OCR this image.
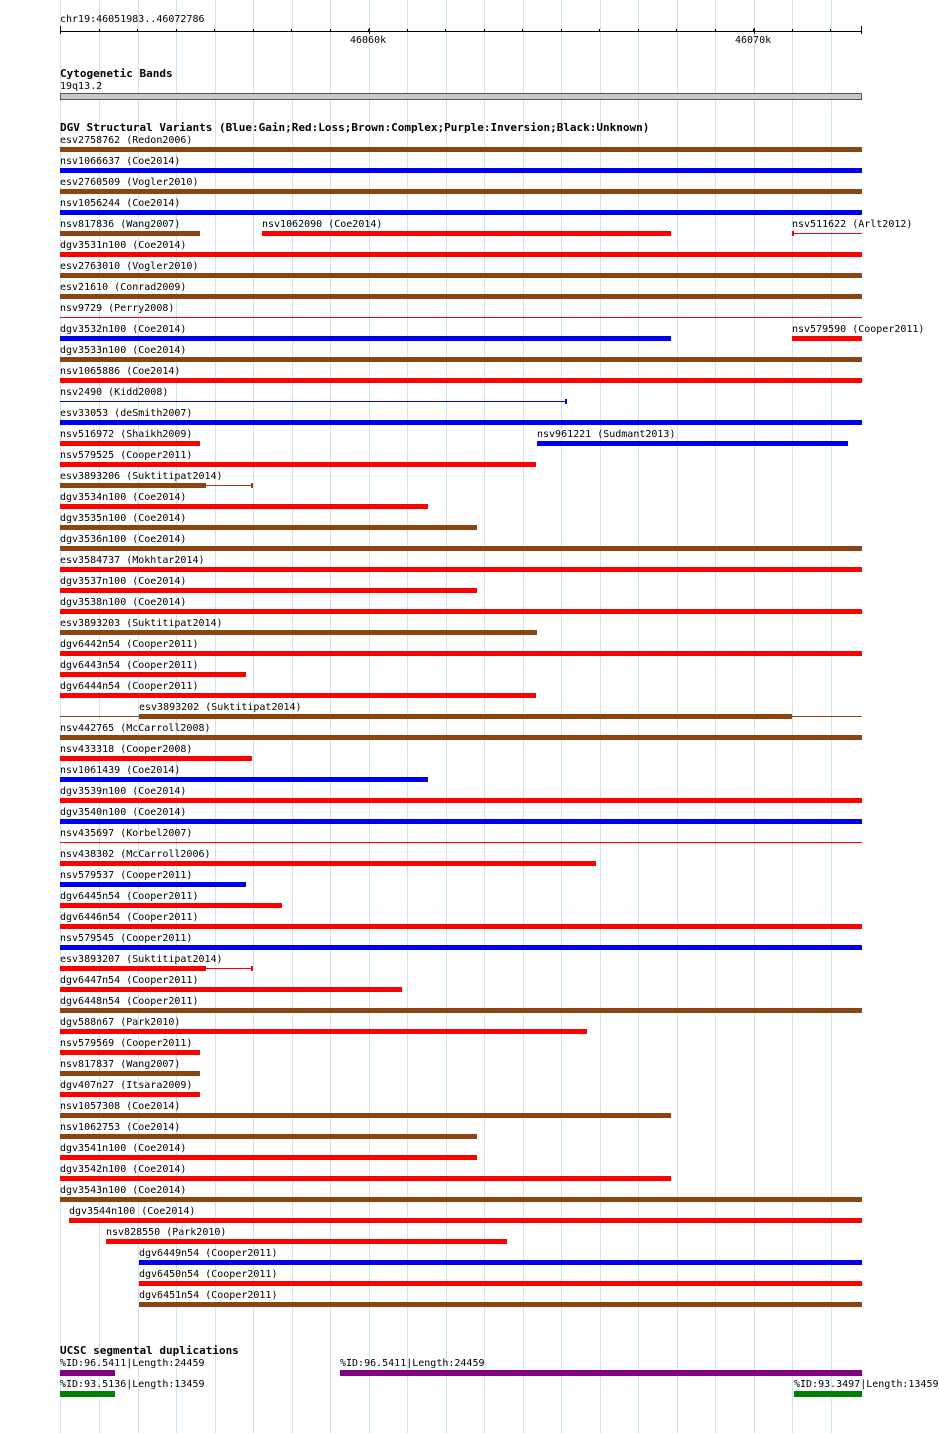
chr19:46051983..46072786
46060k	46070k
Cytogenetic Bands
19q13.2
DGV Structural Variants (Blue:Gain;Red:Loss;Brown:Complex;Purple:Inversion;Black:Unknown)
esv2758762 (Redon2006)
nsv1066637 (Coe2014)
esv2760509 (Vogler2010)
nsv1056244 (Coe2014)
nsv817836 (Wang2007)	nsv1062090 (Coe2014)	nsv511622 (Arlt2012)
dgv3531n100 (Coe2014)
esv2763010 (Vogler2010)
esv21610 (Conrad2009)
nsv9729 (Perry2008)
dgv3532n100 (Coe2014)	nsv579590 (Cooper2011)
dgv3533n100 (Coe2014)
nsv1065886 (Coe2014)
nsv2490 (Kidd2008)
esv33053 (deSmith2007)
nsv516972 (Shaikh2009)	nsv961221 (Sudmant2013)
nsv579525 (Cooper2011)
esv3893206 (Suktitipat2014)
dgv3534n100 (Coe2014)
dgv3535n100 (Coe2014)
dgv3536n100 (Coe2014)
esv3584737 (Mokhtar2014)
dgv3537n100 (Coe2014)
dgv3538n100 (Coe2014)
esv3893203 (Suktitipat2014)
dgv6442n54 (Cooper2011)
dgv6443n54 (Cooper2011)
dgv6444n54 (Cooper2011)
esv3893202 (Suktitipat2014)
nsv442765 (McCarroll2008)
nsv433318 (Cooper2008)
nsv1061439 (Coe2014)
dgv3539n100 (Coe2014)
dgv3540n100 (Coe2014)
nsv435697 (Korbel2007)
nsv438302 (McCarroll2006)
nsv579537 (Cooper2011)
dgv6445n54 (Cooper2011)
dgv6446n54 (Cooper2011)
nsv579545 (Cooper2011)
esv3893207 (Suktitipat2014)
dgv6447n54 (Cooper2011)
dgv6448n54 (Cooper2011)
dgv588n67 (Park2010)
nsv579569 (Cooper2011)
nsv817837 (Wang2007)
dgv407n27 (Itsara2009)
nsv1057308 (Coe2014)
nsv1062753 (Coe2014)
dgv3541n100 (Coe2014)
dgv3542n100 (Coe2014)
dgv3543n100 (Coe2014)
dgv3544n100 (Coe2014)
nsv828550 (Park2010)
dgv6449n54 (Cooper2011)
dgv6450n54 (Cooper2011)
dgv6451n54 (Cooper2011)
UCSC segmental duplications
%ID:96.5411|Length:24459	%ID:96.5411|Length:24459
%ID:93.5136|Length:13459	%ID:93.3497|Length:13459
